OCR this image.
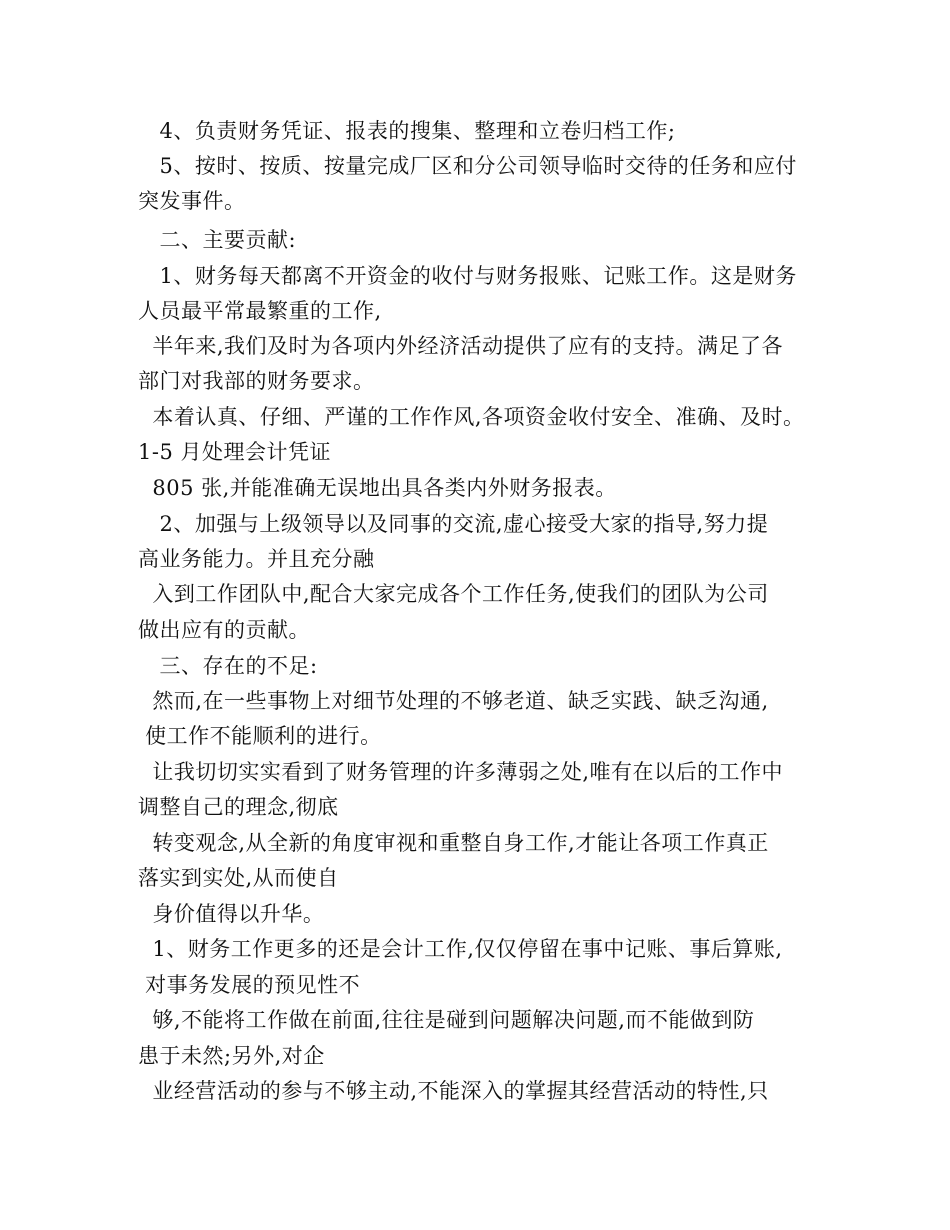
4、负责财务凭证、报表的搜集、整理和立卷归档工作;
5、按时、按质、按量完成厂区和分公司领导临时交待的任务和应付
突发事件。
二、主要贡献:
1、财务每天都离不开资金的收付与财务报账、记账工作。这是财务
人员最平常最繁重的工作,
半年来,我们及时为各项内外经济活动提供了应有的支持。满足了各
部门对我部的财务要求。
本着认真、仔细、严谨的工作作风,各项资金收付安全、准确、及时。
1-5 月处理会计凭证
805 张,并能准确无误地出具各类内外财务报表。
2、加强与上级领导以及同事的交流,虚心接受大家的指导,努力提
高业务能力。并且充分融
入到工作团队中,配合大家完成各个工作任务,使我们的团队为公司
做出应有的贡献。
三、存在的不足:
然而,在一些事物上对细节处理的不够老道、缺乏实践、缺乏沟通,
使工作不能顺利的进行。
让我切切实实看到了财务管理的许多薄弱之处,唯有在以后的工作中
调整自己的理念,彻底
转变观念,从全新的角度审视和重整自身工作,才能让各项工作真正
落实到实处,从而使自
身价值得以升华。
1、财务工作更多的还是会计工作,仅仅停留在事中记账、事后算账,
对事务发展的预见性不
够,不能将工作做在前面,往往是碰到问题解决问题,而不能做到防
患于未然;另外,对企
业经营活动的参与不够主动,不能深入的掌握其经营活动的特性,只
